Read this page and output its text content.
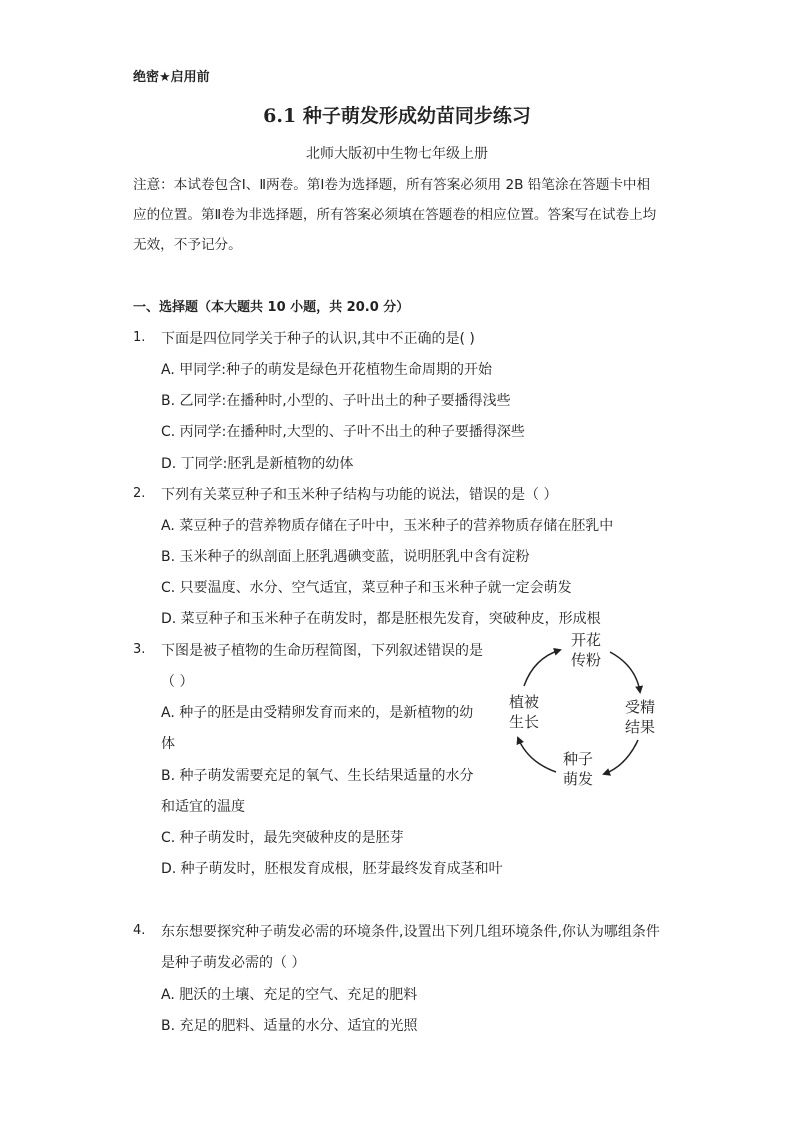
绝密★启用前
6.1 种子萌发形成幼苗同步练习
北师大版初中生物七年级上册
注意：本试卷包含Ⅰ、Ⅱ两卷。第Ⅰ卷为选择题，所有答案必须用 2B 铅笔涂在答题卡中相应的位置。第Ⅱ卷为非选择题，所有答案必须填在答题卷的相应位置。答案写在试卷上均无效，不予记分。
一、选择题（本大题共 10 小题，共 20.0 分）
1. 下面是四位同学关于种子的认识,其中不正确的是( )
A. 甲同学:种子的萌发是绿色开花植物生命周期的开始
B. 乙同学:在播种时,小型的、子叶出土的种子要播得浅些
C. 丙同学:在播种时,大型的、子叶不出土的种子要播得深些
D. 丁同学:胚乳是新植物的幼体
2. 下列有关菜豆种子和玉米种子结构与功能的说法，错误的是（ ）
A. 菜豆种子的营养物质存储在子叶中，玉米种子的营养物质存储在胚乳中
B. 玉米种子的纵剖面上胚乳遇碘变蓝，说明胚乳中含有淀粉
C. 只要温度、水分、空气适宜，菜豆种子和玉米种子就一定会萌发
D. 菜豆种子和玉米种子在萌发时，都是胚根先发育，突破种皮，形成根
3. 下图是被子植物的生命历程简图，下列叙述错误的是
（ ）
A. 种子的胚是由受精卵发育而来的，是新植物的幼
体
B. 种子萌发需要充足的氧气、生长结果适量的水分
和适宜的温度
C. 种子萌发时，最先突破种皮的是胚芽
D. 种子萌发时，胚根发育成根，胚芽最终发育成茎和叶
开花
传粉
受精
结果
种子
萌发
植被
生长
4. 东东想要探究种子萌发必需的环境条件,设置出下列几组环境条件,你认为哪组条件
是种子萌发必需的（ ）
A. 肥沃的土壤、充足的空气、充足的肥料
B. 充足的肥料、适量的水分、适宜的光照
